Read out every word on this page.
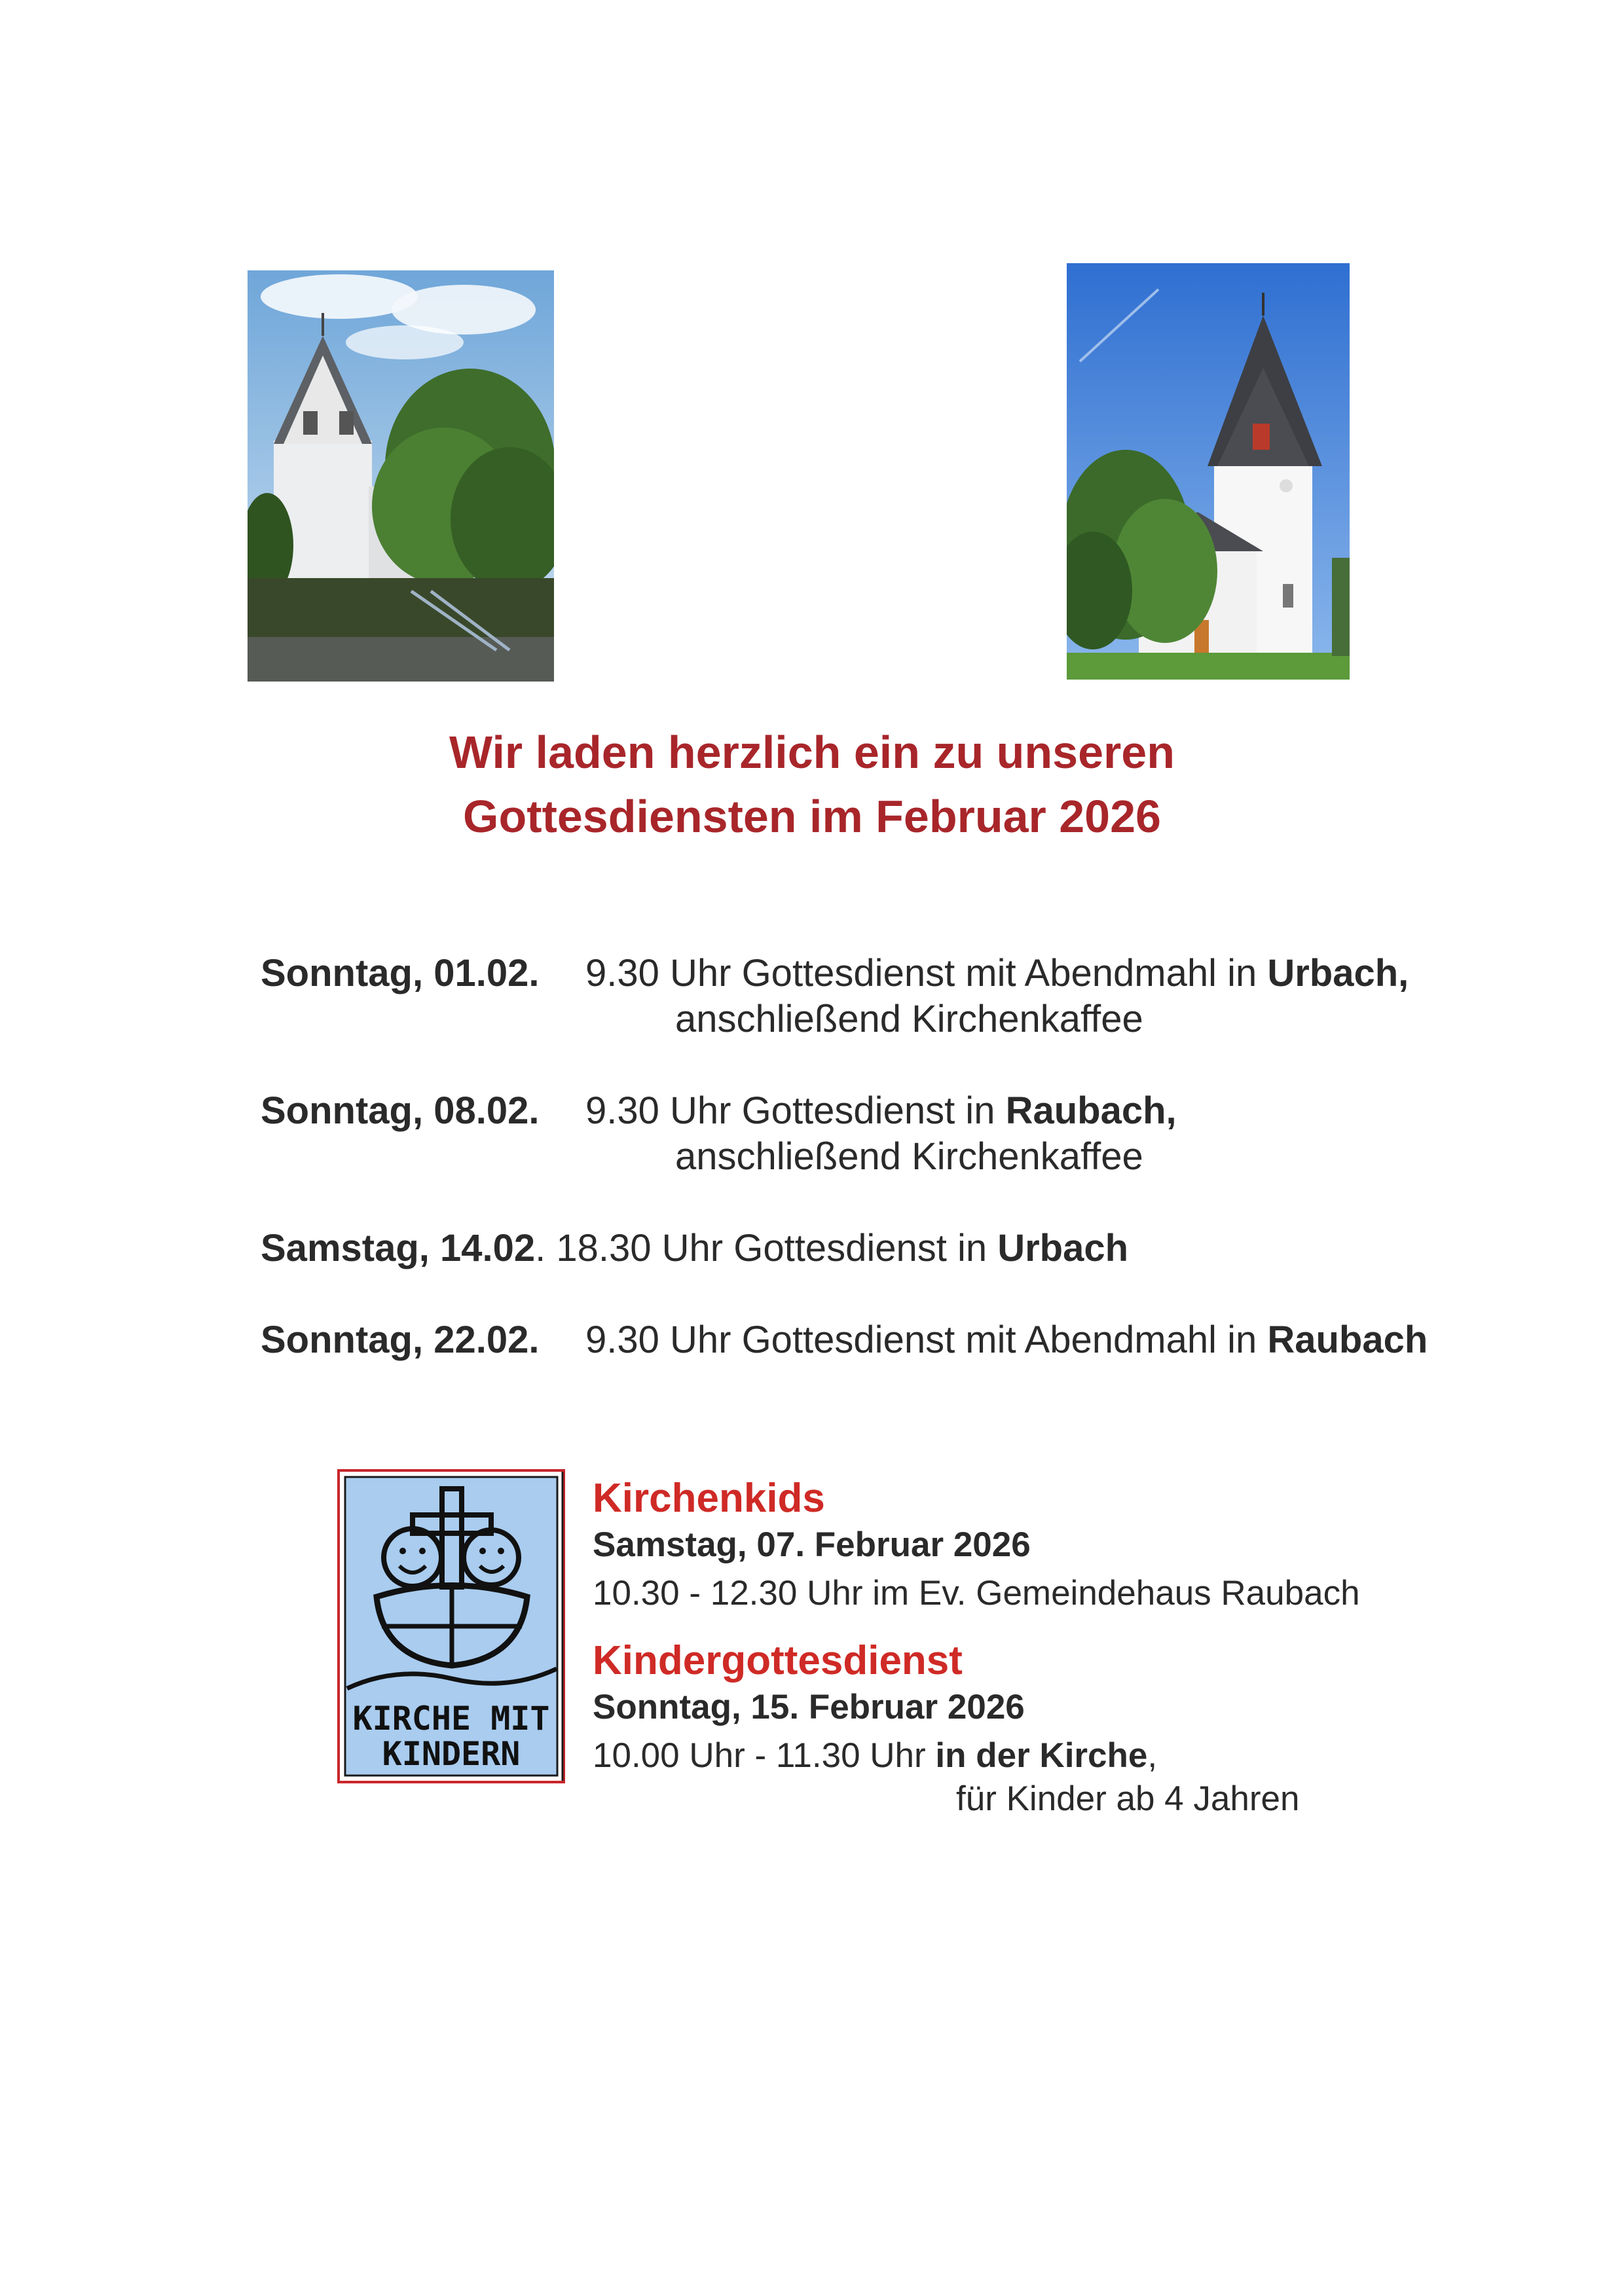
Wir laden herzlich ein zu unseren
Gottesdiensten im Februar 2026
Sonntag, 01.02. 9.30 Uhr Gottesdienst mit Abendmahl in Urbach,
anschließend Kirchenkaffee
Sonntag, 08.02. 9.30 Uhr Gottesdienst in Raubach,
anschließend Kirchenkaffee
Samstag, 14.02. 18.30 Uhr Gottesdienst in Urbach
Sonntag, 22.02. 9.30 Uhr Gottesdienst mit Abendmahl in Raubach
KIRCHE MIT
KINDERN
Kirchenkids
Samstag, 07. Februar 2026
10.30 - 12.30 Uhr im Ev. Gemeindehaus Raubach
Kindergottesdienst
Sonntag, 15. Februar 2026
10.00 Uhr - 11.30 Uhr in der Kirche,
für Kinder ab 4 Jahren
